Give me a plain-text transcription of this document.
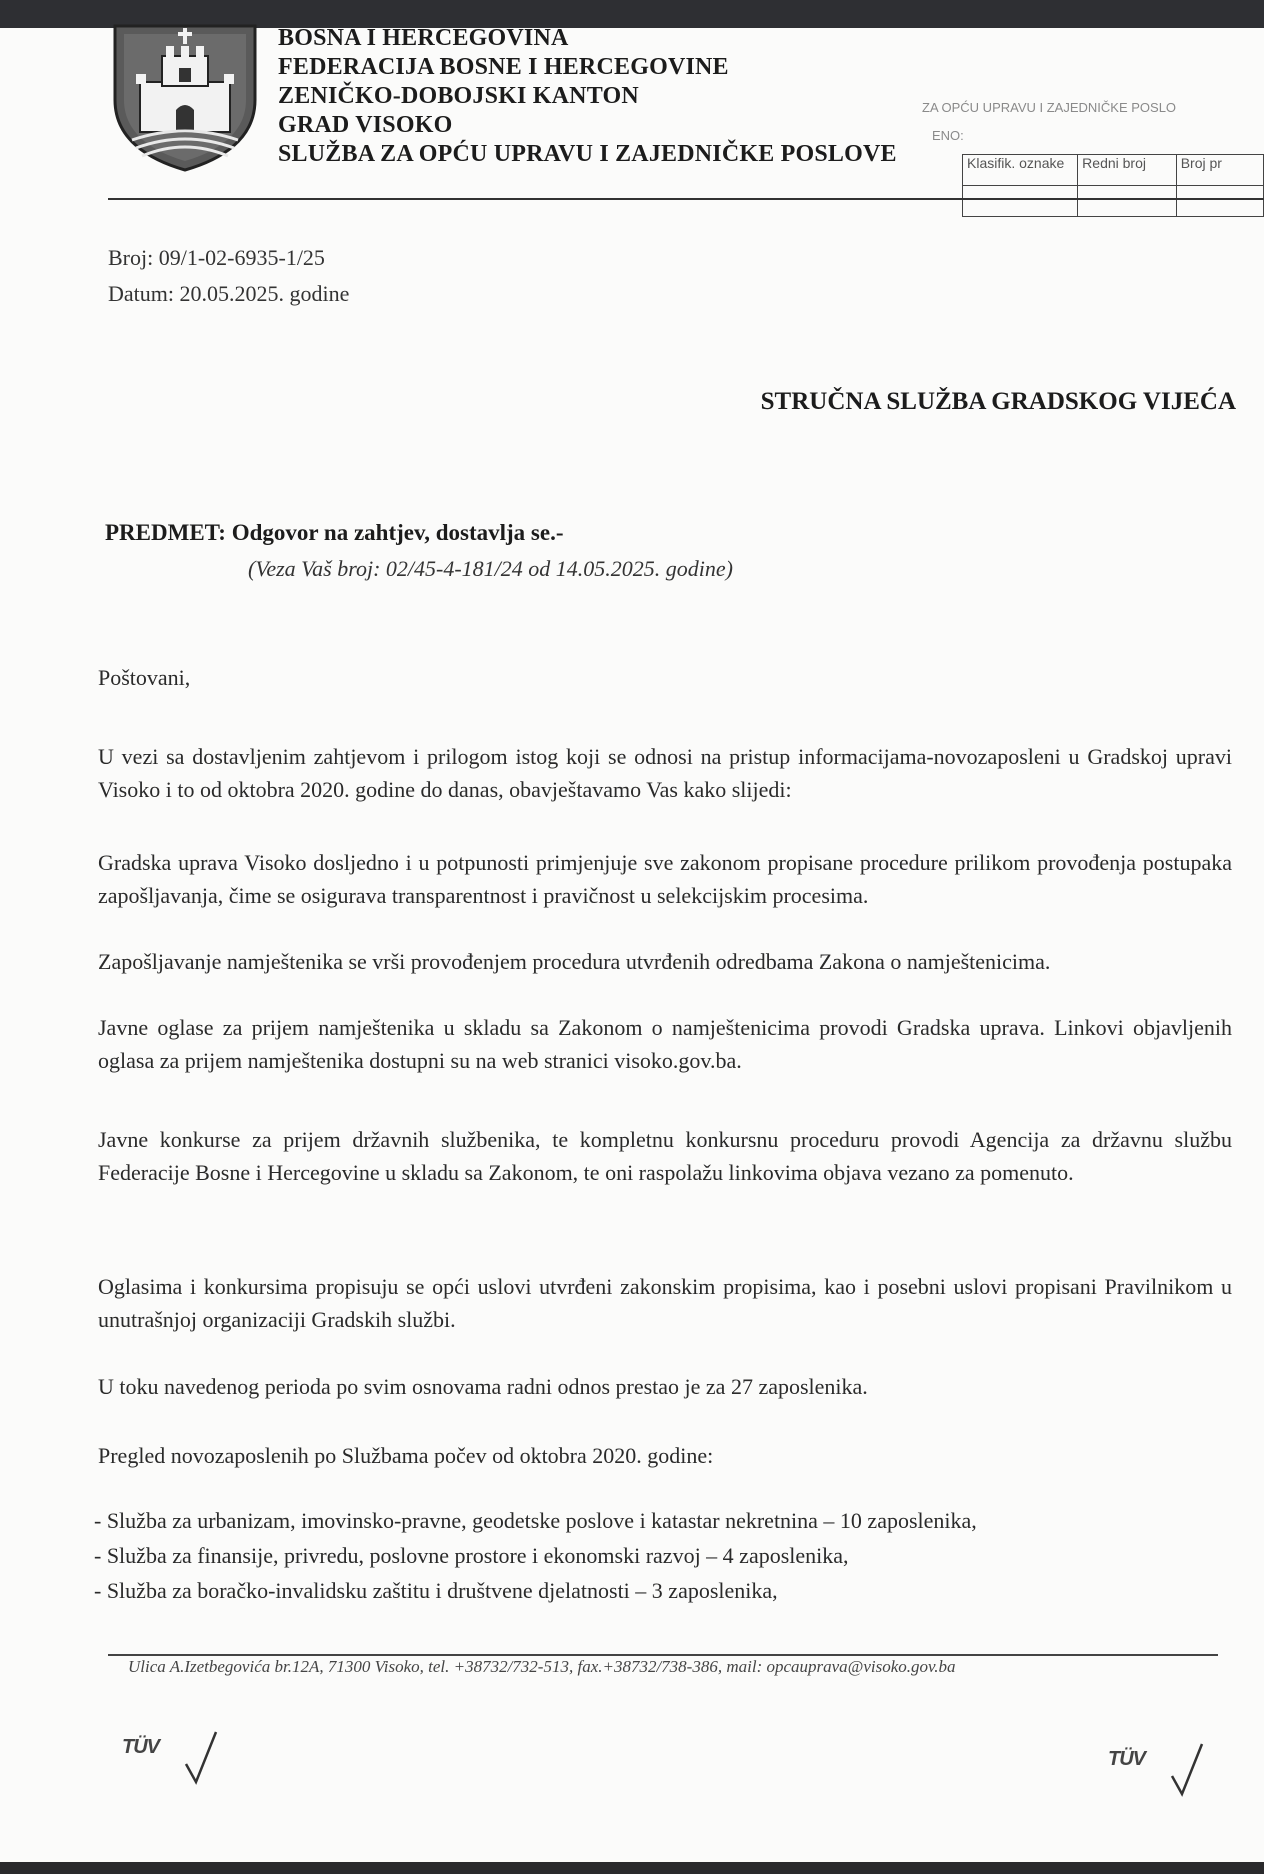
BOSNA I HERCEGOVINA
FEDERACIJA BOSNE I HERCEGOVINE
ZENIČKO-DOBOJSKI KANTON
GRAD VISOKO
SLUŽBA ZA OPĆU UPRAVU I ZAJEDNIČKE POSLOVE
ZA OPĆU UPRAVU I ZAJEDNIČKE POSLO
ENO:
Klasifik. oznake	Redni broj	Broj pr

Broj: 09/1-02-6935-1/25
Datum: 20.05.2025. godine
STRUČNA SLUŽBA GRADSKOG VIJEĆA
PREDMET: Odgovor na zahtjev, dostavlja se.-
(Veza Vaš broj: 02/45-4-181/24 od 14.05.2025. godine)
Poštovani,
U vezi sa dostavljenim zahtjevom i prilogom istog koji se odnosi na pristup informacijama-novozaposleni u Gradskoj upravi Visoko i to od oktobra 2020. godine do danas, obavještavamo Vas kako slijedi:
Gradska uprava Visoko dosljedno i u potpunosti primjenjuje sve zakonom propisane procedure prilikom provođenja postupaka zapošljavanja, čime se osigurava transparentnost i pravičnost u selekcijskim procesima.
Zapošljavanje namještenika se vrši provođenjem procedura utvrđenih odredbama Zakona o namještenicima.
Javne oglase za prijem namještenika u skladu sa Zakonom o namještenicima provodi Gradska uprava. Linkovi objavljenih oglasa za prijem namještenika dostupni su na web stranici visoko.gov.ba.
Javne konkurse za prijem državnih službenika, te kompletnu konkursnu proceduru provodi Agencija za državnu službu Federacije Bosne i Hercegovine u skladu sa Zakonom, te oni raspolažu linkovima objava vezano za pomenuto.
Oglasima i konkursima propisuju se opći uslovi utvrđeni zakonskim propisima, kao i posebni uslovi propisani Pravilnikom u unutrašnjoj organizaciji Gradskih službi.
U toku navedenog perioda po svim osnovama radni odnos prestao je za 27 zaposlenika.
Pregled novozaposlenih po Službama počev od oktobra 2020. godine:
- Služba za urbanizam, imovinsko-pravne, geodetske poslove i katastar nekretnina – 10 zaposlenika,
- Služba za finansije, privredu, poslovne prostore i ekonomski razvoj – 4 zaposlenika,
- Služba za boračko-invalidsku zaštitu i društvene djelatnosti – 3 zaposlenika,
Ulica A.Izetbegovića br.12A, 71300 Visoko, tel. +38732/732-513, fax.+38732/738-386, mail: opcaupravа@visoko.gov.ba
TÜV
TÜV
